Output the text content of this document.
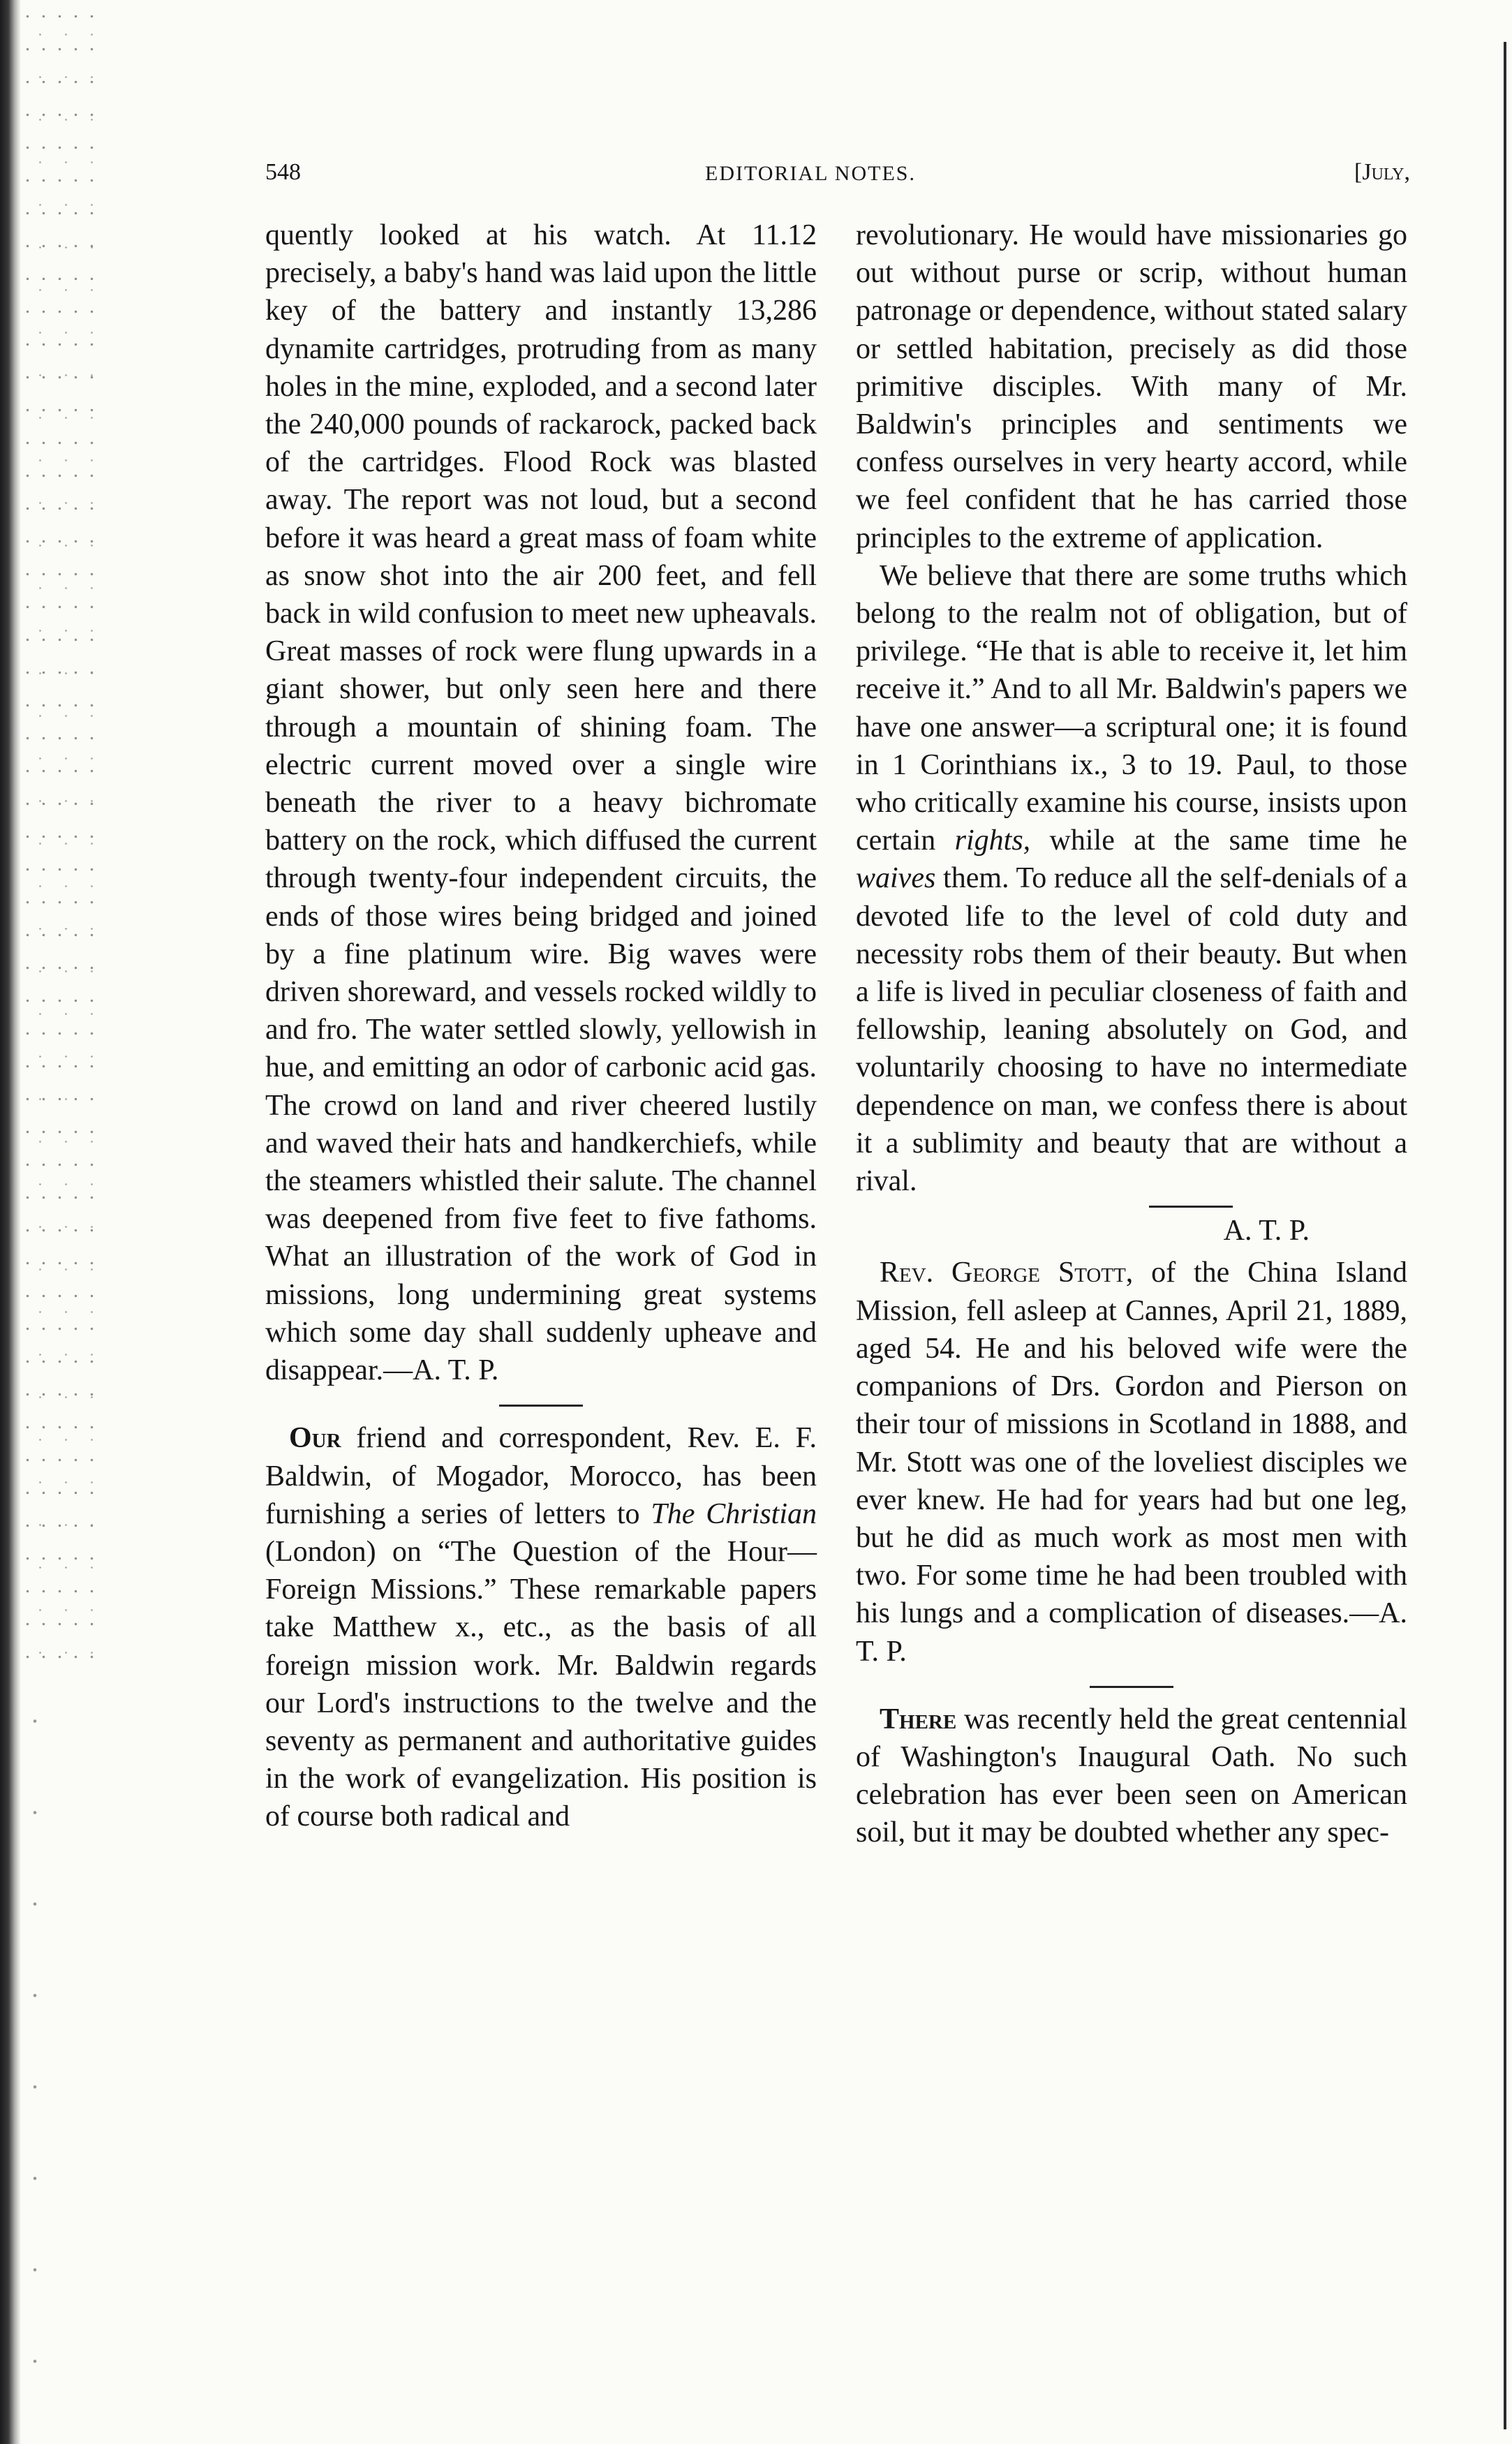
548	EDITORIAL NOTES.	[July,

quently looked at his watch. At 11.12 precisely, a baby's hand was laid upon the little key of the battery and instantly 13,286 dynamite cartridges, protruding from as many holes in the mine, exploded, and a second later the 240,000 pounds of rackarock, packed back of the cartridges. Flood Rock was blasted away. The report was not loud, but a second before it was heard a great mass of foam white as snow shot into the air 200 feet, and fell back in wild confusion to meet new upheavals. Great masses of rock were flung upwards in a giant shower, but only seen here and there through a mountain of shining foam. The electric current moved over a single wire beneath the river to a heavy bichromate battery on the rock, which diffused the current through twenty-four independent circuits, the ends of those wires being bridged and joined by a fine platinum wire. Big waves were driven shoreward, and vessels rocked wildly to and fro. The water settled slowly, yellowish in hue, and emitting an odor of carbonic acid gas. The crowd on land and river cheered lustily and waved their hats and handkerchiefs, while the steamers whistled their salute. The channel was deepened from five feet to five fathoms. What an illustration of the work of God in missions, long undermining great systems which some day shall suddenly upheave and disappear.—A. T. P.

Our friend and correspondent, Rev. E. F. Baldwin, of Mogador, Morocco, has been furnishing a series of letters to The Christian (London) on “The Question of the Hour—Foreign Missions.” These remarkable papers take Matthew x., etc., as the basis of all foreign mission work. Mr. Baldwin regards our Lord's instructions to the twelve and the seventy as permanent and authoritative guides in the work of evangelization. His position is of course both radical and

revolutionary. He would have missionaries go out without purse or scrip, without human patronage or dependence, without stated salary or settled habitation, precisely as did those primitive disciples. With many of Mr. Baldwin's principles and sentiments we confess ourselves in very hearty accord, while we feel confident that he has carried those principles to the extreme of application.

We believe that there are some truths which belong to the realm not of obligation, but of privilege. “He that is able to receive it, let him receive it.” And to all Mr. Baldwin's papers we have one answer—a scriptural one; it is found in 1 Corinthians ix., 3 to 19. Paul, to those who critically examine his course, insists upon certain rights, while at the same time he waives them. To reduce all the self-denials of a devoted life to the level of cold duty and necessity robs them of their beauty. But when a life is lived in peculiar closeness of faith and fellowship, leaning absolutely on God, and voluntarily choosing to have no intermediate dependence on man, we confess there is about it a sublimity and beauty that are without a rival.

A. T. P.

Rev. George Stott, of the China Island Mission, fell asleep at Cannes, April 21, 1889, aged 54. He and his beloved wife were the companions of Drs. Gordon and Pierson on their tour of missions in Scotland in 1888, and Mr. Stott was one of the loveliest disciples we ever knew. He had for years had but one leg, but he did as much work as most men with two. For some time he had been troubled with his lungs and a complication of diseases.—A. T. P.

There was recently held the great centennial of Washington's Inaugural Oath. No such celebration has ever been seen on American soil, but it may be doubted whether any spec-
